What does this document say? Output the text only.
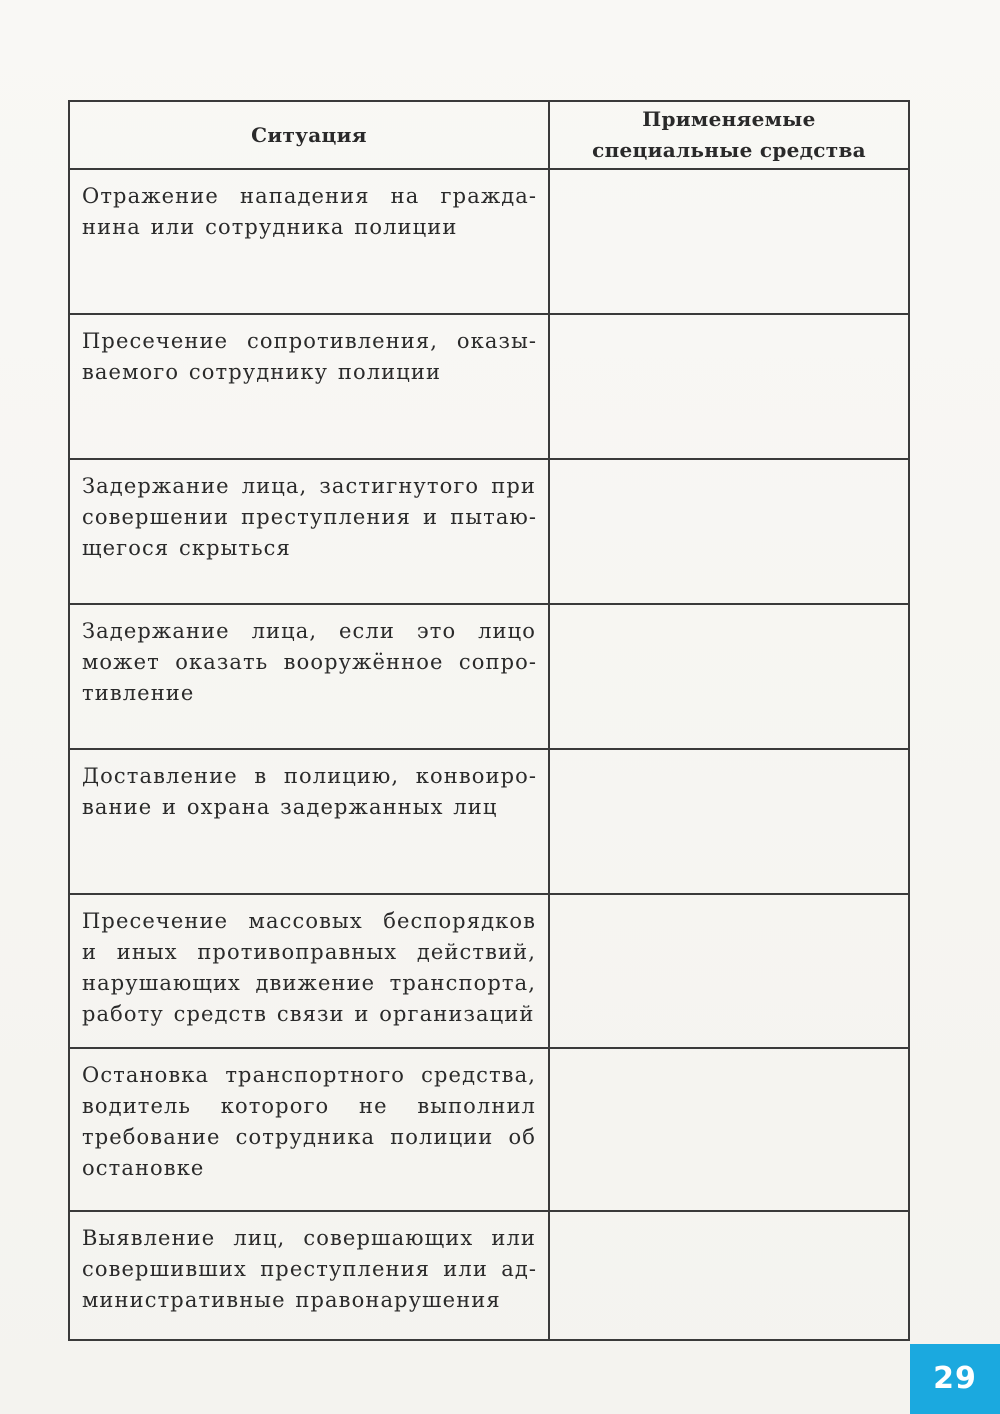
Ситуация	Применяемые
специальные средства
Отражение нападения на гражданина или сотрудника полиции	
Пресечение сопротивления, оказываемого сотруднику полиции	
Задержание лица, застигнутого при совершении преступления и пытающегося скрыться	
Задержание лица, если это лицо может оказать вооружённое сопротивление	
Доставление в полицию, конвоирование и охрана задержанных лиц	
Пресечение массовых беспорядков и иных противоправных действий, нарушающих движение транспорта, работу средств связи и организаций	
Остановка транспортного средства, водитель которого не выполнил требование сотрудника полиции об остановке	
Выявление лиц, совершающих или совершивших преступления или административные правонарушения	
29
